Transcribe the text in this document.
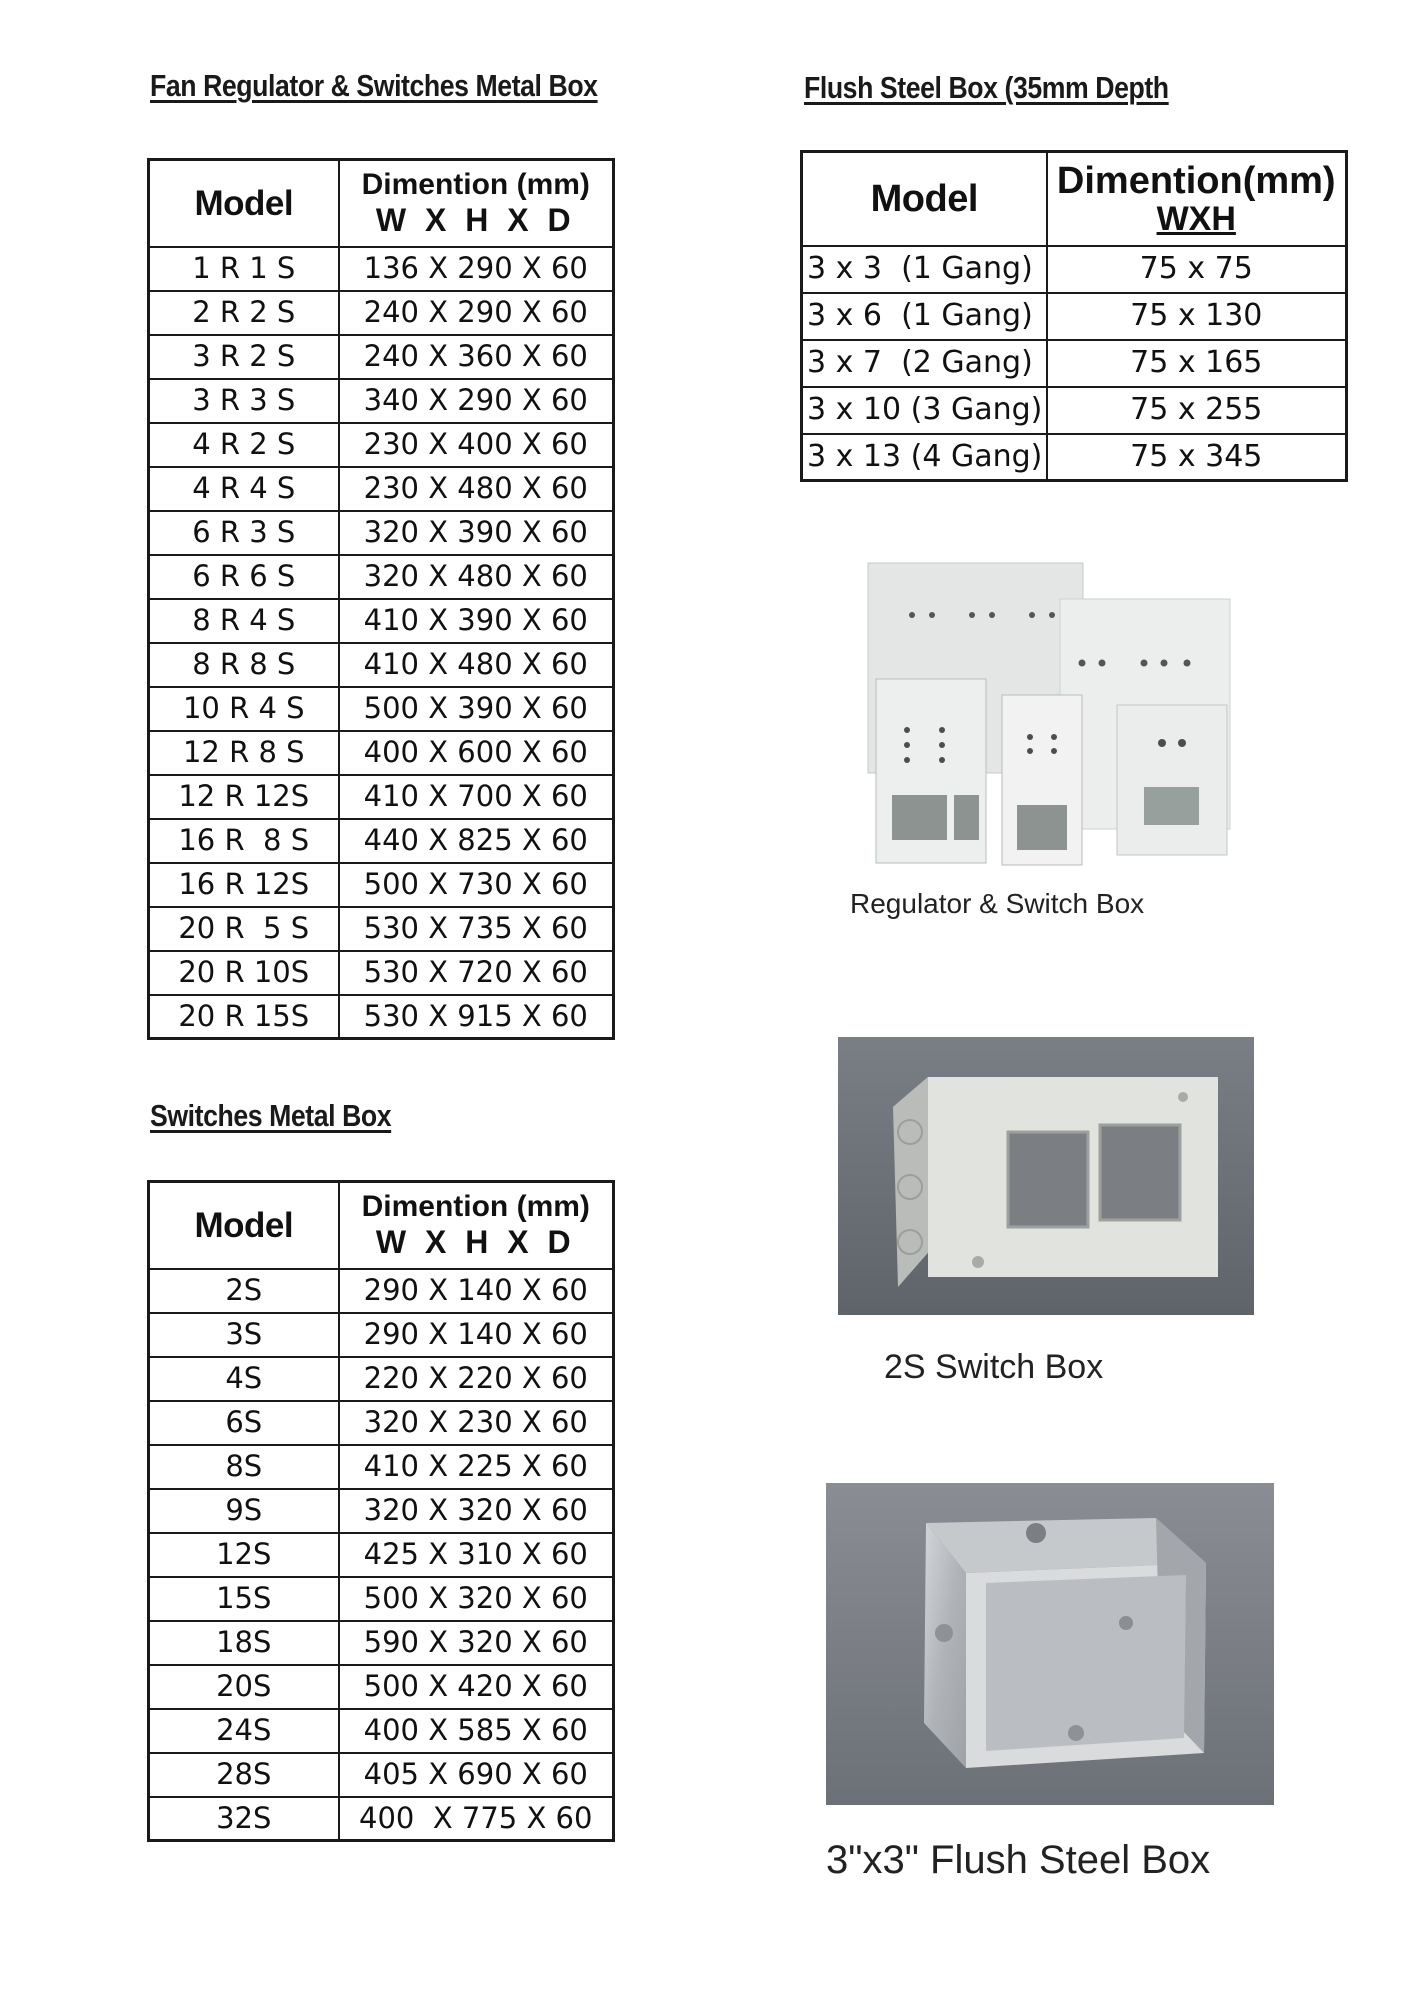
Fan Regulator & Switches Metal Box	Flush Steel Box (35mm Depth
Switches Metal Box
Model	Dimention (mm)
W X H X D

1 R 1 S	136 X 290 X 60
2 R 2 S	240 X 290 X 60
3 R 2 S	240 X 360 X 60
3 R 3 S	340 X 290 X 60
4 R 2 S	230 X 400 X 60
4 R 4 S	230 X 480 X 60
6 R 3 S	320 X 390 X 60
6 R 6 S	320 X 480 X 60
8 R 4 S	410 X 390 X 60
8 R 8 S	410 X 480 X 60
10 R 4 S	500 X 390 X 60
12 R 8 S	400 X 600 X 60
12 R 12S	410 X 700 X 60
16 R  8 S	440 X 825 X 60
16 R 12S	500 X 730 X 60
20 R  5 S	530 X 735 X 60
20 R 10S	530 X 720 X 60
20 R 15S	530 X 915 X 60
Model	Dimention (mm)
W X H X D

2S	290 X 140 X 60
3S	290 X 140 X 60
4S	220 X 220 X 60
6S	320 X 230 X 60
8S	410 X 225 X 60
9S	320 X 320 X 60
12S	425 X 310 X 60
15S	500 X 320 X 60
18S	590 X 320 X 60
20S	500 X 420 X 60
24S	400 X 585 X 60
28S	405 X 690 X 60
32S	400  X 775 X 60
Model	Dimention(mm)
WXH

3 x 3  (1 Gang)	75 x 75
3 x 6  (1 Gang)	75 x 130
3 x 7  (2 Gang)	75 x 165
3 x 10 (3 Gang)	75 x 255
3 x 13 (4 Gang)	75 x 345

Regulator & Switch Box

2S Switch Box

3"x3" Flush Steel Box
